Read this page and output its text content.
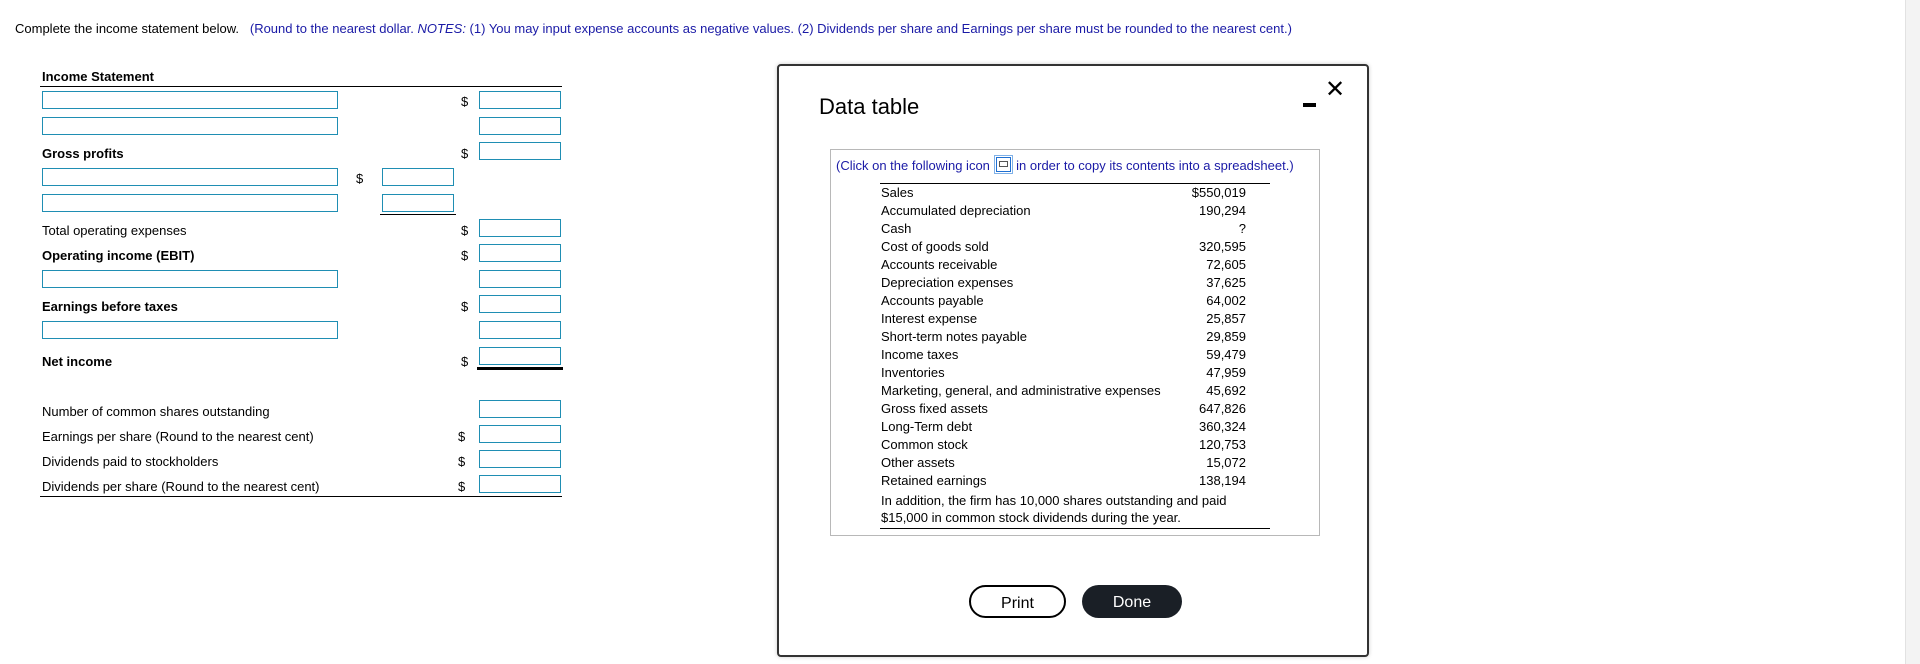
Complete the income statement below. (Round to the nearest dollar. NOTES: (1) You may input expense accounts as negative values. (2) Dividends per share and Earnings per share must be rounded to the nearest cent.)
Income Statement
$
Gross profits	$
$
Total operating expenses	$
Operating income (EBIT)	$
Earnings before taxes	$
Net income	$
Number of common shares outstanding
Earnings per share (Round to the nearest cent)	$
Dividends paid to stockholders	$
Dividends per share (Round to the nearest cent)	$
Data table
✕
(Click on the following icon in order to copy its contents into a spreadsheet.)
Sales	$550,019
Accumulated depreciation	190,294
Cash	?
Cost of goods sold	320,595
Accounts receivable	72,605
Depreciation expenses	37,625
Accounts payable	64,002
Interest expense	25,857
Short-term notes payable	29,859
Income taxes	59,479
Inventories	47,959
Marketing, general, and administrative expenses	45,692
Gross fixed assets	647,826
Long-Term debt	360,324
Common stock	120,753
Other assets	15,072
Retained earnings	138,194
In addition, the firm has 10,000 shares outstanding and paid $15,000 in common stock dividends during the year.
Print	Done
